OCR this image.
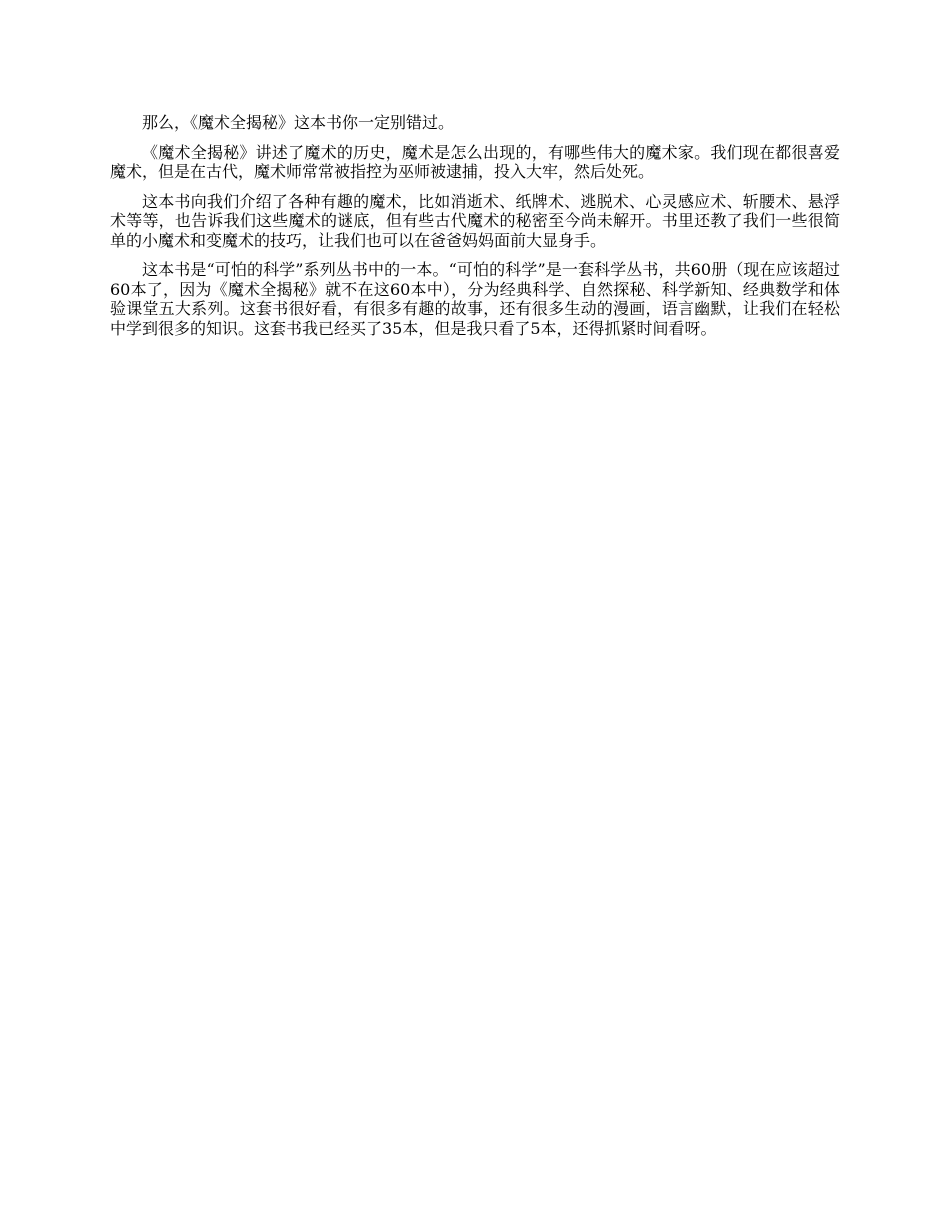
那么，《魔术全揭秘》这本书你一定别错过。

《魔术全揭秘》讲述了魔术的历史，魔术是怎么出现的，有哪些伟大的魔术家。我们现在都很喜爱魔术，但是在古代，魔术师常常被指控为巫师被逮捕，投入大牢，然后处死。

这本书向我们介绍了各种有趣的魔术，比如消逝术、纸牌术、逃脱术、心灵感应术、斩腰术、悬浮术等等，也告诉我们这些魔术的谜底，但有些古代魔术的秘密至今尚未解开。书里还教了我们一些很简单的小魔术和变魔术的技巧，让我们也可以在爸爸妈妈面前大显身手。

这本书是“可怕的科学”系列丛书中的一本。“可怕的科学”是一套科学丛书，共60册（现在应该超过60本了，因为《魔术全揭秘》就不在这60本中），分为经典科学、自然探秘、科学新知、经典数学和体验课堂五大系列。这套书很好看，有很多有趣的故事，还有很多生动的漫画，语言幽默，让我们在轻松中学到很多的知识。这套书我已经买了35本，但是我只看了5本，还得抓紧时间看呀。
